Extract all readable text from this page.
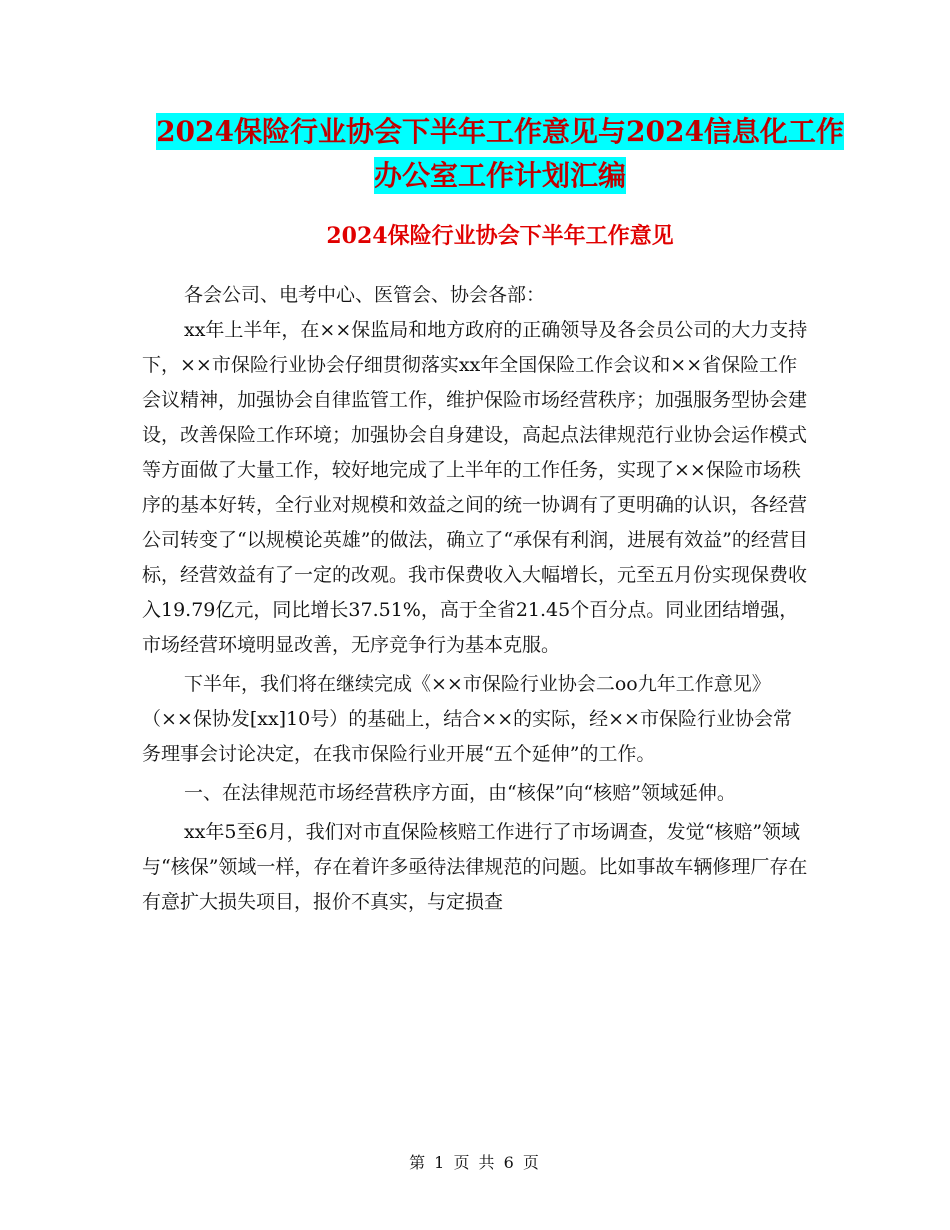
2024保险行业协会下半年工作意见与2024信息化工作
办公室工作计划汇编
2024保险行业协会下半年工作意见

各会公司、电考中心、医管会、协会各部：

xx年上半年，在××保监局和地方政府的正确领导及各会员公司的大力支持下，××市保险行业协会仔细贯彻落实xx年全国保险工作会议和××省保险工作会议精神，加强协会自律监管工作，维护保险市场经营秩序；加强服务型协会建设，改善保险工作环境；加强协会自身建设，高起点法律规范行业协会运作模式等方面做了大量工作，较好地完成了上半年的工作任务，实现了××保险市场秩序的基本好转，全行业对规模和效益之间的统一协调有了更明确的认识，各经营公司转变了“以规模论英雄”的做法，确立了“承保有利润，进展有效益”的经营目标，经营效益有了一定的改观。我市保费收入大幅增长，元至五月份实现保费收入19.79亿元，同比增长37.51%，高于全省21.45个百分点。同业团结增强，市场经营环境明显改善，无序竞争行为基本克服。

下半年，我们将在继续完成《××市保险行业协会二oo九年工作意见》（××保协发[xx]10号）的基础上，结合××的实际，经××市保险行业协会常务理事会讨论决定，在我市保险行业开展“五个延伸”的工作。

一、在法律规范市场经营秩序方面，由“核保”向“核赔”领域延伸。

xx年5至6月，我们对市直保险核赔工作进行了市场调查，发觉“核赔”领域与“核保”领域一样，存在着许多亟待法律规范的问题。比如事故车辆修理厂存在有意扩大损失项目，报价不真实，与定损查

第 1 页 共 6 页
